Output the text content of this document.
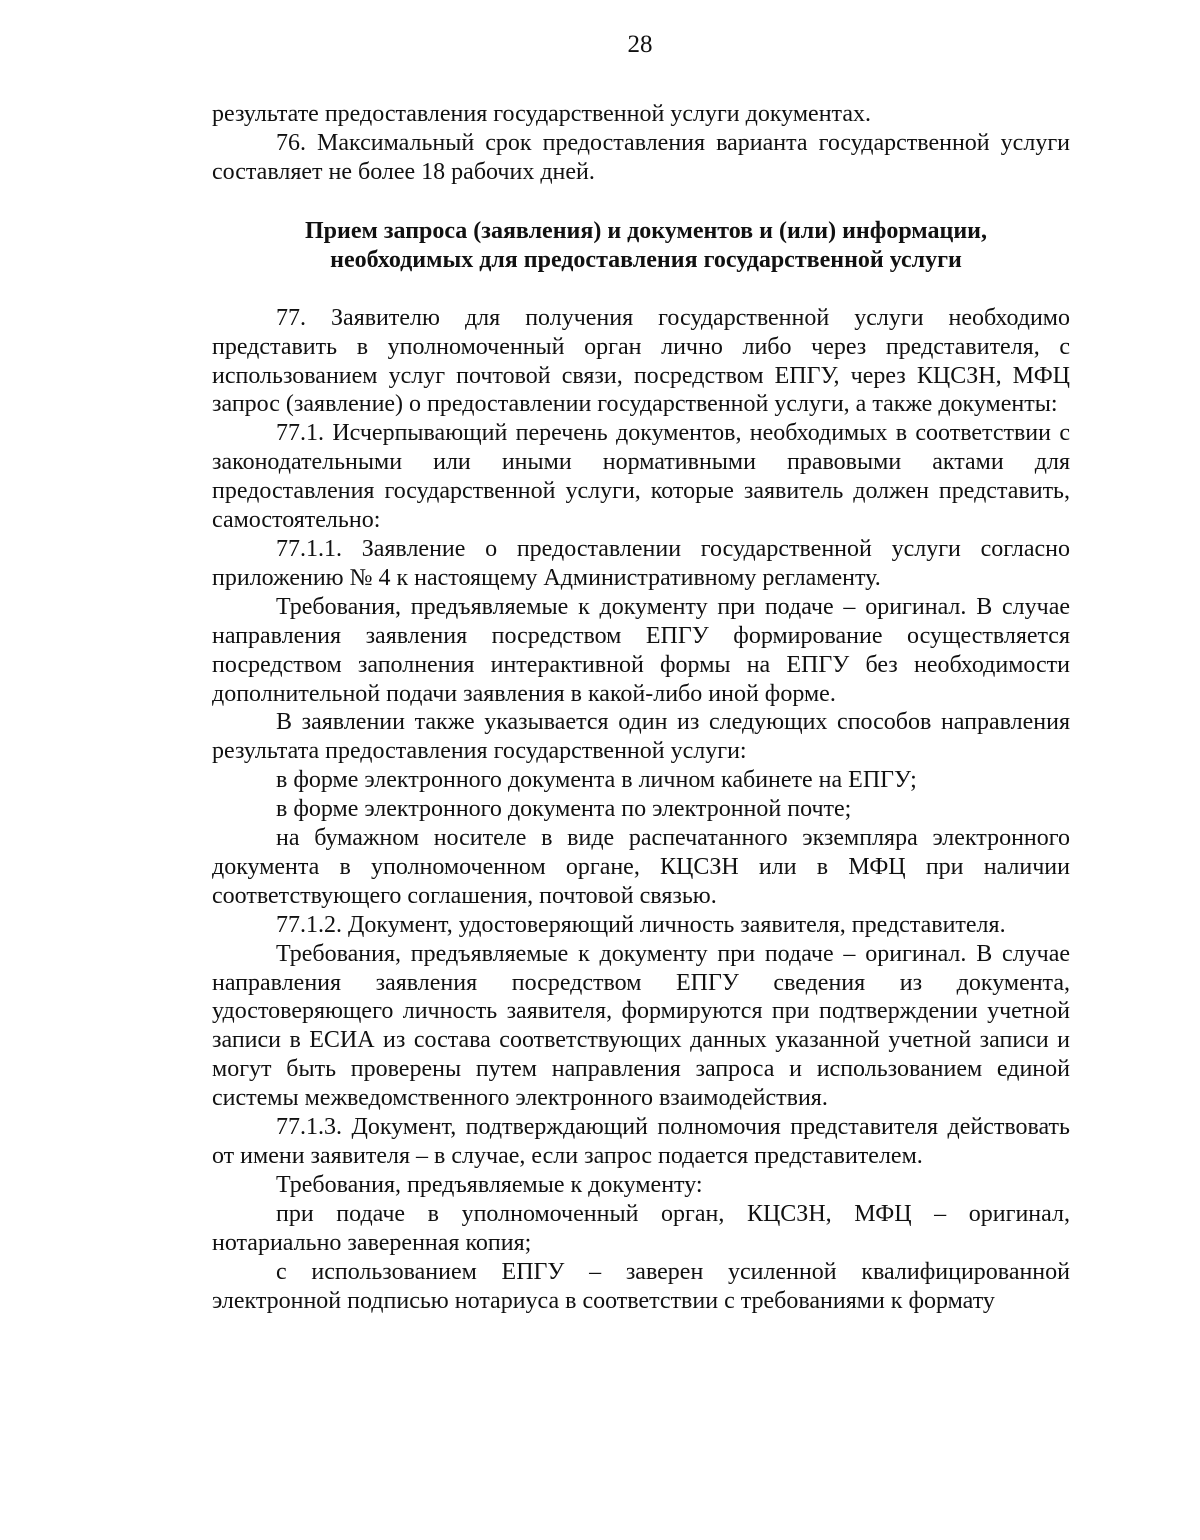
28

результате предоставления государственной услуги документах.

76. Максимальный срок предоставления варианта государственной услуги составляет не более 18 рабочих дней.

Прием запроса (заявления) и документов и (или) информации,
необходимых для предоставления государственной услуги

77. Заявителю для получения государственной услуги необходимо представить в уполномоченный орган лично либо через представителя, с использованием услуг почтовой связи, посредством ЕПГУ, через КЦСЗН, МФЦ запрос (заявление) о предоставлении государственной услуги, а также документы:

77.1. Исчерпывающий перечень документов, необходимых в соответствии с законодательными или иными нормативными правовыми актами для предоставления государственной услуги, которые заявитель должен представить, самостоятельно:

77.1.1. Заявление о предоставлении государственной услуги согласно приложению № 4 к настоящему Административному регламенту.

Требования, предъявляемые к документу при подаче – оригинал. В случае направления заявления посредством ЕПГУ формирование осуществляется посредством заполнения интерактивной формы на ЕПГУ без необходимости дополнительной подачи заявления в какой-либо иной форме.

В заявлении также указывается один из следующих способов направления результата предоставления государственной услуги:

в форме электронного документа в личном кабинете на ЕПГУ;

в форме электронного документа по электронной почте;

на бумажном носителе в виде распечатанного экземпляра электронного документа в уполномоченном органе, КЦСЗН или в МФЦ при наличии соответствующего соглашения, почтовой связью.

77.1.2. Документ, удостоверяющий личность заявителя, представителя.

Требования, предъявляемые к документу при подаче – оригинал. В случае направления заявления посредством ЕПГУ сведения из документа, удостоверяющего личность заявителя, формируются при подтверждении учетной записи в ЕСИА из состава соответствующих данных указанной учетной записи и могут быть проверены путем направления запроса и использованием единой системы межведомственного электронного взаимодействия.

77.1.3. Документ, подтверждающий полномочия представителя действовать от имени заявителя – в случае, если запрос подается представителем.

Требования, предъявляемые к документу:

при подаче в уполномоченный орган, КЦСЗН, МФЦ – оригинал, нотариально заверенная копия;

с использованием ЕПГУ – заверен усиленной квалифицированной электронной подписью нотариуса в соответствии с требованиями к формату
